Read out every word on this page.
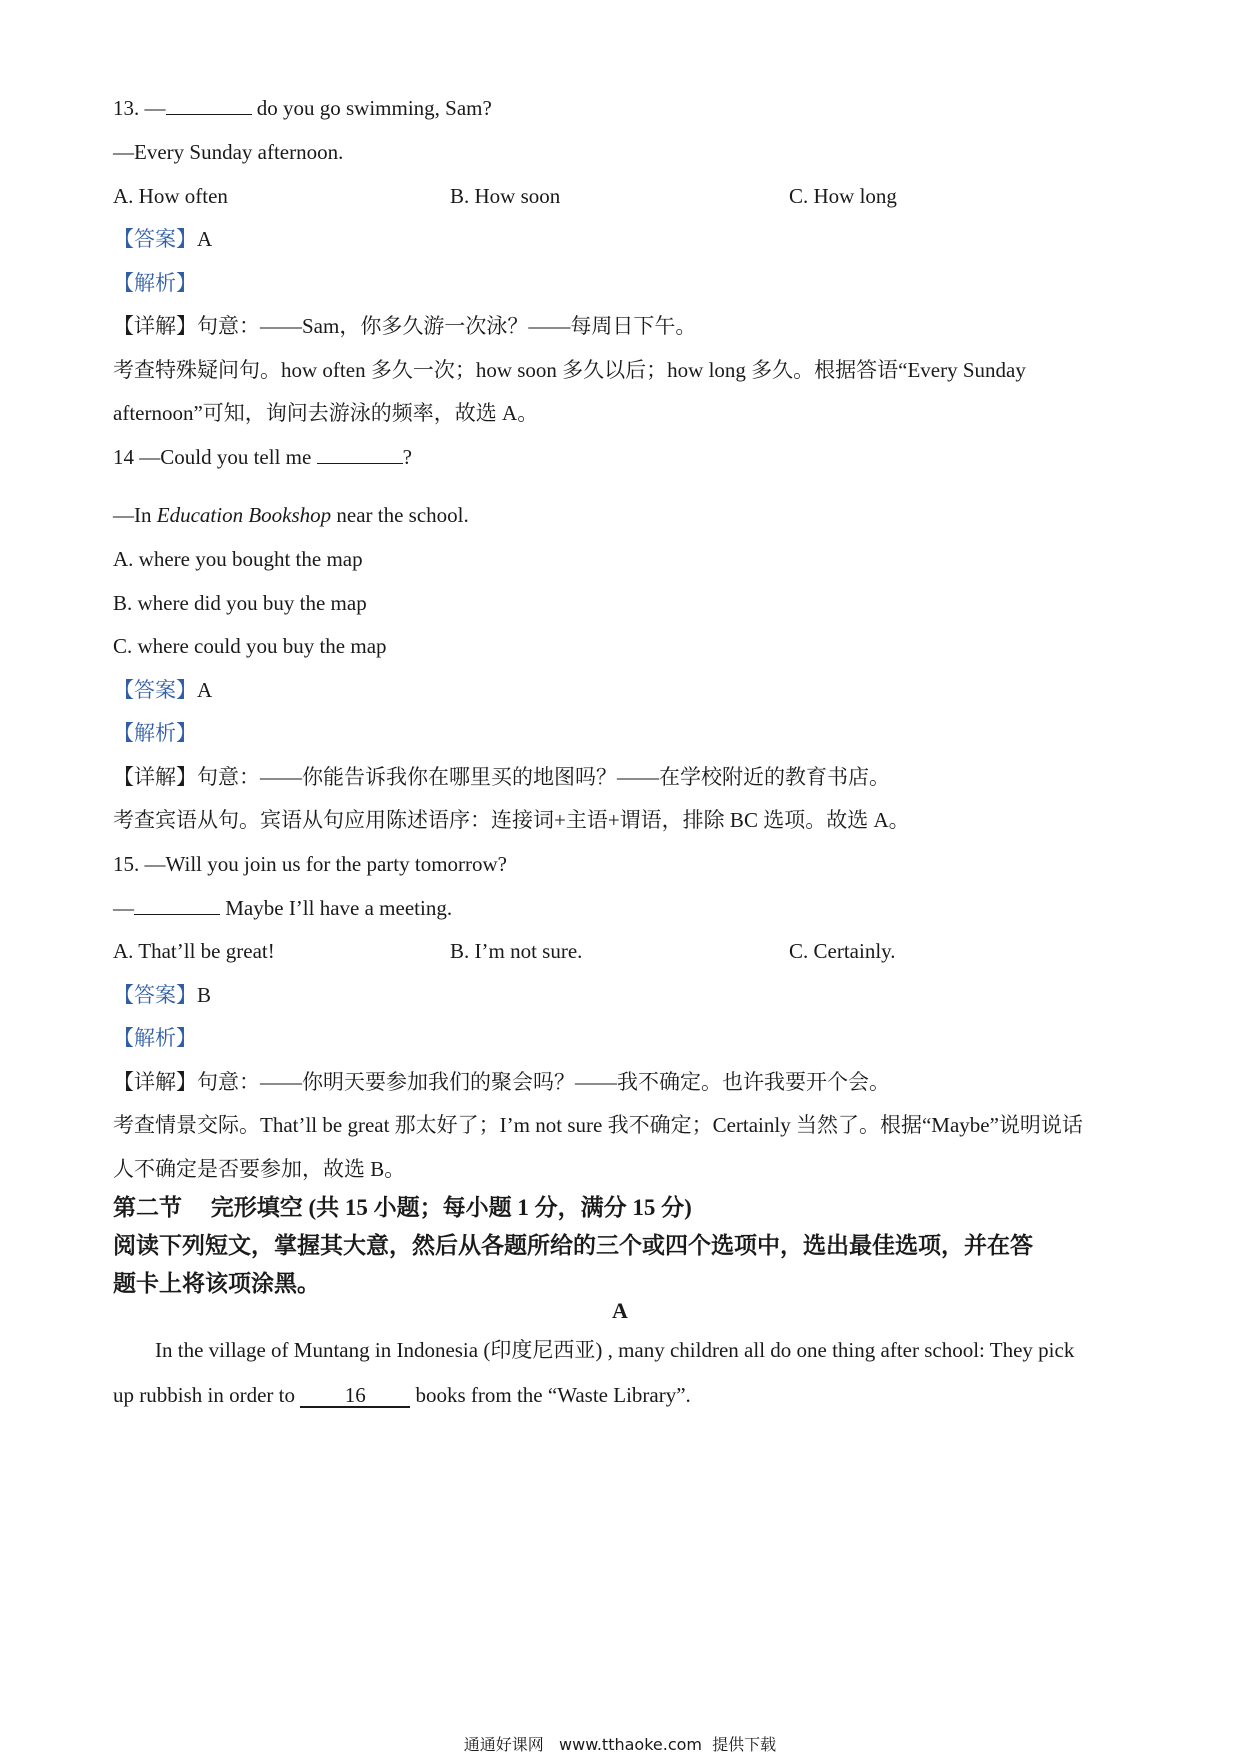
13. —	do you go swimming, Sam?
—Every Sunday afternoon.
A. How often	B. How soon	C. How long
【答案】A
【解析】
【详解】句意：——Sam，你多久游一次泳？——每周日下午。
考查特殊疑问句。how often 多久一次；how soon 多久以后；how long 多久。根据答语“Every Sunday
afternoon”可知，询问去游泳的频率，故选 A。
14 —Could you tell me	?
—In Education Bookshop near the school.
A. where you bought the map
B. where did you buy the map
C. where could you buy the map
【答案】A
【解析】
【详解】句意：——你能告诉我你在哪里买的地图吗？——在学校附近的教育书店。
考查宾语从句。宾语从句应用陈述语序：连接词+主语+谓语，排除 BC 选项。故选 A。
15. —Will you join us for the party tomorrow?
—	Maybe I’ll have a meeting.
A. That’ll be great!	B. I’m not sure.	C. Certainly.
【答案】B
【解析】
【详解】句意：——你明天要参加我们的聚会吗？——我不确定。也许我要开个会。
考查情景交际。That’ll be great 那太好了；I’m not sure 我不确定；Certainly 当然了。根据“Maybe”说明说话
人不确定是否要参加，故选 B。
第二节     完形填空 (共 15 小题；每小题 1 分，满分 15 分)
阅读下列短文，掌握其大意，然后从各题所给的三个或四个选项中，选出最佳选项，并在答
题卡上将该项涂黑。
A
In the village of Muntang in Indonesia (印度尼西亚) , many children all do one thing after school: They pick
up rubbish in order to 16 books from the “Waste Library”.
通通好课网   www.tthaoke.com  提供下载
